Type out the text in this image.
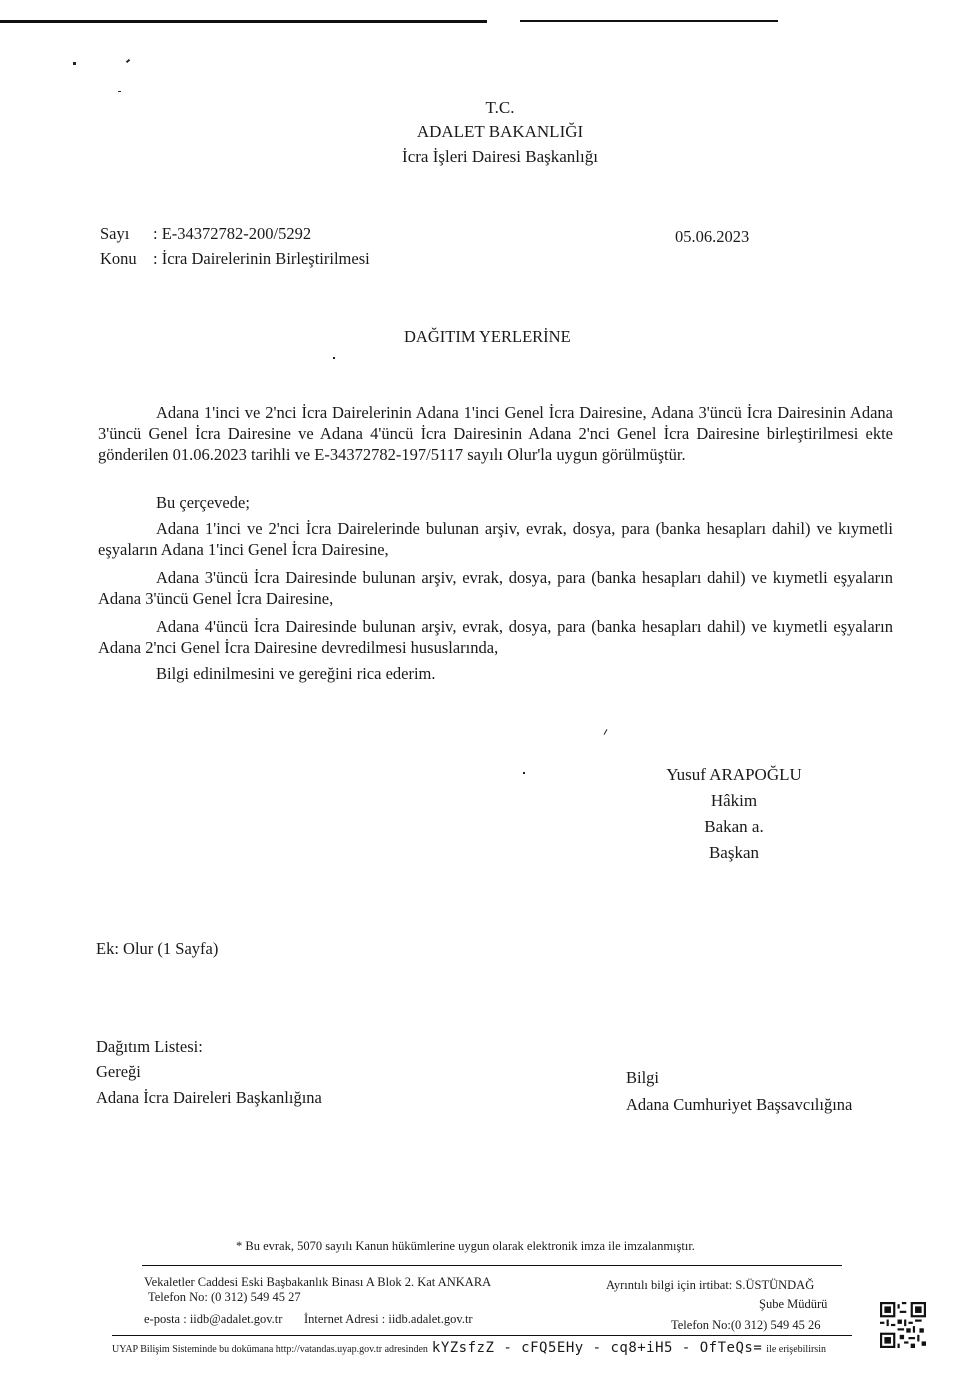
T.C.
ADALET BAKANLIĞI
İcra İşleri Dairesi Başkanlığı
Sayı : E-34372782-200/5292	05.06.2023
Konu : İcra Dairelerinin Birleştirilmesi
DAĞITIM YERLERİNE
Adana 1'inci ve 2'nci İcra Dairelerinin Adana 1'inci Genel İcra Dairesine, Adana 3'üncü İcra Dairesinin Adana 3'üncü Genel İcra Dairesine ve Adana 4'üncü İcra Dairesinin Adana 2'nci Genel İcra Dairesine birleştirilmesi ekte gönderilen 01.06.2023 tarihli ve E-34372782-197/5117 sayılı Olur'la uygun görülmüştür.
Bu çerçevede;
Adana 1'inci ve 2'nci İcra Dairelerinde bulunan arşiv, evrak, dosya, para (banka hesapları dahil) ve kıymetli eşyaların Adana 1'inci Genel İcra Dairesine,
Adana 3'üncü İcra Dairesinde bulunan arşiv, evrak, dosya, para (banka hesapları dahil) ve kıymetli eşyaların Adana 3'üncü Genel İcra Dairesine,
Adana 4'üncü İcra Dairesinde bulunan arşiv, evrak, dosya, para (banka hesapları dahil) ve kıymetli eşyaların Adana 2'nci Genel İcra Dairesine devredilmesi hususlarında,
Bilgi edinilmesini ve gereğini rica ederim.
Yusuf ARAPOĞLU
Hâkim
Bakan a.
Başkan
Ek: Olur (1 Sayfa)
Dağıtım Listesi:
Gereği
Adana İcra Daireleri Başkanlığına
Bilgi
Adana Cumhuriyet Başsavcılığına
* Bu evrak, 5070 sayılı Kanun hükümlerine uygun olarak elektronik imza ile imzalanmıştır.
Vekaletler Caddesi Eski Başbakanlık Binası A Blok 2. Kat ANKARA
Telefon No: (0 312) 549 45 27
e-posta : iidb@adalet.gov.tr İnternet Adresi : iidb.adalet.gov.tr
Ayrıntılı bilgi için irtibat: S.ÜSTÜNDAĞ
Şube Müdürü
Telefon No:(0 312) 549 45 26
UYAP Bilişim Sisteminde bu dokümana http://vatandas.uyap.gov.tr adresinden kYZsfzZ - cFQ5EHy - cq8+iH5 - OfTeQs= ile erişebilirsin
